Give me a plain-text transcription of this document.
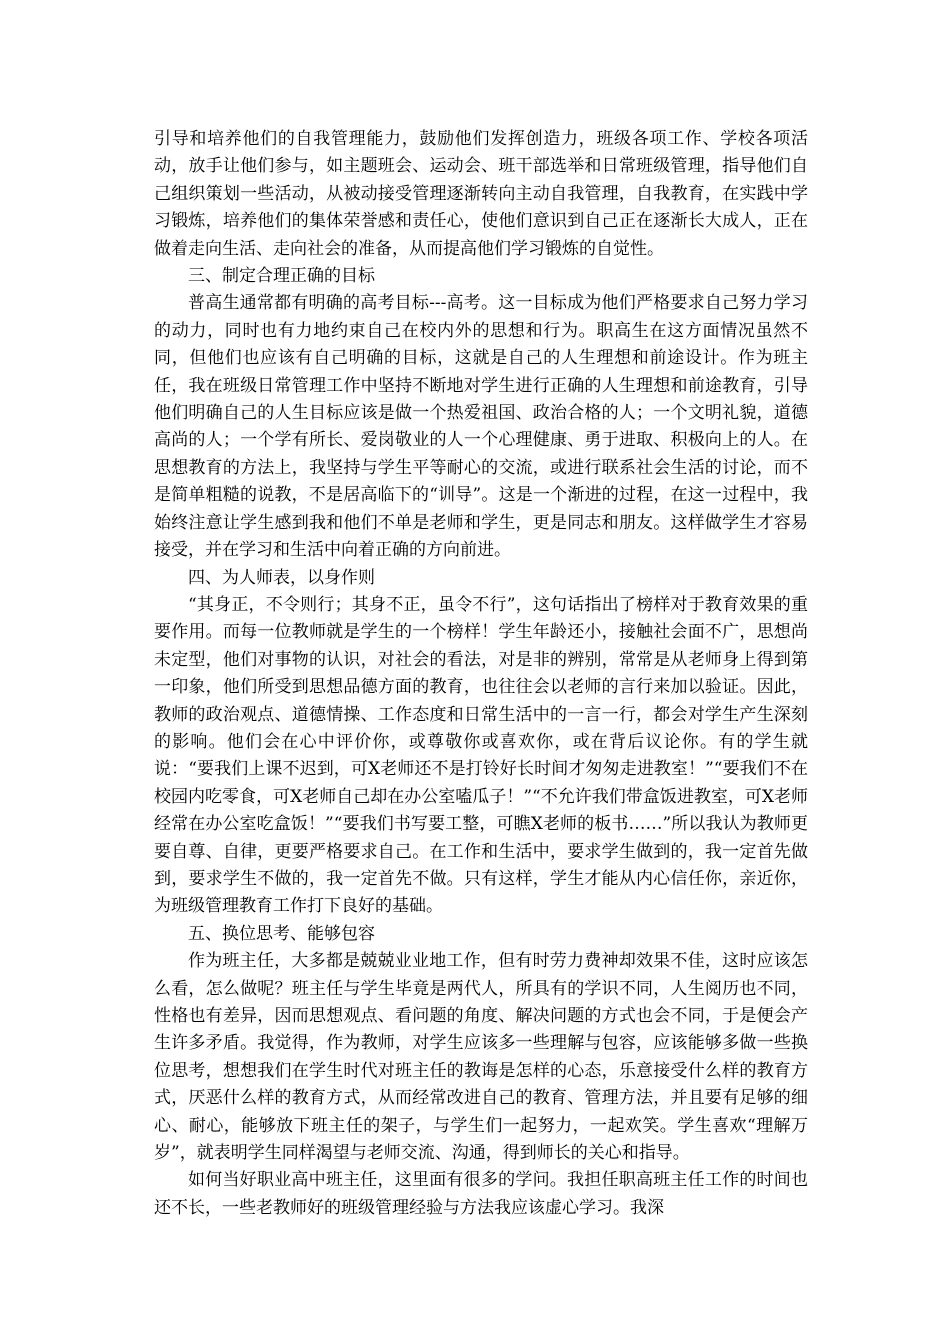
引导和培养他们的自我管理能力，鼓励他们发挥创造力，班级各项工作、学校各项活动，放手让他们参与，如主题班会、运动会、班干部选举和日常班级管理，指导他们自己组织策划一些活动，从被动接受管理逐渐转向主动自我管理，自我教育，在实践中学习锻炼，培养他们的集体荣誉感和责任心，使他们意识到自己正在逐渐长大成人，正在做着走向生活、走向社会的准备，从而提高他们学习锻炼的自觉性。

三、制定合理正确的目标

普高生通常都有明确的高考目标---高考。这一目标成为他们严格要求自己努力学习的动力，同时也有力地约束自己在校内外的思想和行为。职高生在这方面情况虽然不同，但他们也应该有自己明确的目标，这就是自己的人生理想和前途设计。作为班主任，我在班级日常管理工作中坚持不断地对学生进行正确的人生理想和前途教育，引导他们明确自己的人生目标应该是做一个热爱祖国、政治合格的人；一个文明礼貌，道德高尚的人；一个学有所长、爱岗敬业的人一个心理健康、勇于进取、积极向上的人。在思想教育的方法上，我坚持与学生平等耐心的交流，或进行联系社会生活的讨论，而不是简单粗糙的说教，不是居高临下的“训导”。这是一个渐进的过程，在这一过程中，我始终注意让学生感到我和他们不单是老师和学生，更是同志和朋友。这样做学生才容易接受，并在学习和生活中向着正确的方向前进。

四、为人师表，以身作则

“其身正，不令则行；其身不正，虽令不行”，这句话指出了榜样对于教育效果的重要作用。而每一位教师就是学生的一个榜样！学生年龄还小，接触社会面不广，思想尚未定型，他们对事物的认识，对社会的看法，对是非的辨别，常常是从老师身上得到第一印象，他们所受到思想品德方面的教育，也往往会以老师的言行来加以验证。因此，教师的政治观点、道德情操、工作态度和日常生活中的一言一行，都会对学生产生深刻的影响。他们会在心中评价你，或尊敬你或喜欢你，或在背后议论你。有的学生就说：“要我们上课不迟到，可X老师还不是打铃好长时间才匆匆走进教室！”“要我们不在校园内吃零食，可X老师自己却在办公室嗑瓜子！”“不允许我们带盒饭进教室，可X老师经常在办公室吃盒饭！”“要我们书写要工整，可瞧X老师的板书……”所以我认为教师更要自尊、自律，更要严格要求自己。在工作和生活中，要求学生做到的，我一定首先做到，要求学生不做的，我一定首先不做。只有这样，学生才能从内心信任你，亲近你，为班级管理教育工作打下良好的基础。

五、换位思考、能够包容

作为班主任，大多都是兢兢业业地工作，但有时劳力费神却效果不佳，这时应该怎么看，怎么做呢？班主任与学生毕竟是两代人，所具有的学识不同，人生阅历也不同，性格也有差异，因而思想观点、看问题的角度、解决问题的方式也会不同，于是便会产生许多矛盾。我觉得，作为教师，对学生应该多一些理解与包容，应该能够多做一些换位思考，想想我们在学生时代对班主任的教诲是怎样的心态，乐意接受什么样的教育方式，厌恶什么样的教育方式，从而经常改进自己的教育、管理方法，并且要有足够的细心、耐心，能够放下班主任的架子，与学生们一起努力，一起欢笑。学生喜欢“理解万岁”，就表明学生同样渴望与老师交流、沟通，得到师长的关心和指导。

如何当好职业高中班主任，这里面有很多的学问。我担任职高班主任工作的时间也还不长，一些老教师好的班级管理经验与方法我应该虚心学习。我深
